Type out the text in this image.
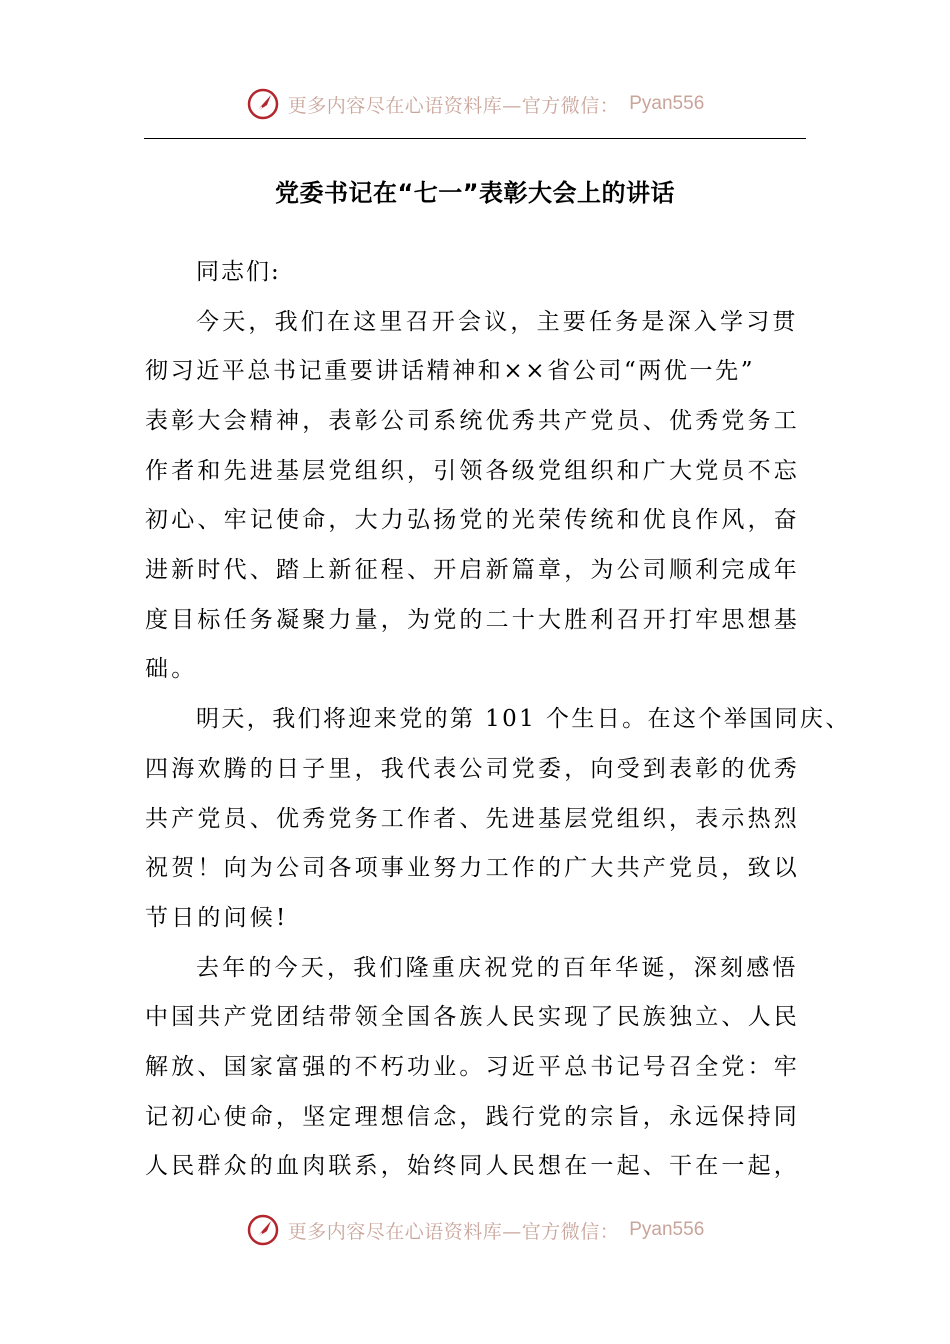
更多内容尽在心语资料库—官方微信： Pyan556
党委书记在“七一”表彰大会上的讲话
同志们:
今天，我们在这里召开会议，主要任务是深入学习贯
彻习近平总书记重要讲话精神和××省公司“两优一先”
表彰大会精神，表彰公司系统优秀共产党员、优秀党务工
作者和先进基层党组织，引领各级党组织和广大党员不忘
初心、牢记使命，大力弘扬党的光荣传统和优良作风，奋
进新时代、踏上新征程、开启新篇章，为公司顺利完成年
度目标任务凝聚力量，为党的二十大胜利召开打牢思想基
础。
明天，我们将迎来党的第 101 个生日。在这个举国同庆、
四海欢腾的日子里，我代表公司党委，向受到表彰的优秀
共产党员、优秀党务工作者、先进基层党组织，表示热烈
祝贺！向为公司各项事业努力工作的广大共产党员，致以
节日的问候!
去年的今天，我们隆重庆祝党的百年华诞，深刻感悟
中国共产党团结带领全国各族人民实现了民族独立、人民
解放、国家富强的不朽功业。习近平总书记号召全党：牢
记初心使命，坚定理想信念，践行党的宗旨，永远保持同
人民群众的血肉联系，始终同人民想在一起、干在一起，
更多内容尽在心语资料库—官方微信： Pyan556
